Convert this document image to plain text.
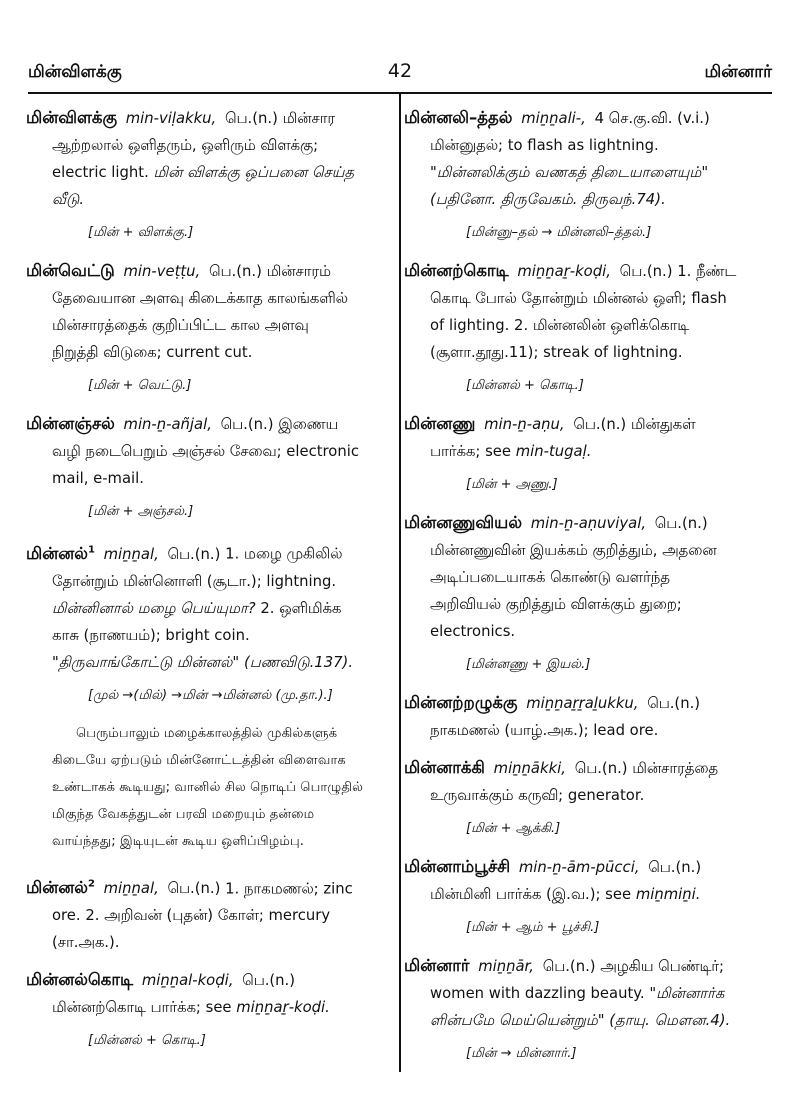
மின்விளக்கு	42	மின்னார்
மின்விளக்கு min-viḷakku, பெ.(n.) மின்சார
ஆற்றலால் ஒளிதரும், ஒளிரும் விளக்கு;
electric light. மின் விளக்கு ஒப்பனை செய்த
வீடு.
[மின் + விளக்கு.]
மின்வெட்டு min-veṭṭu, பெ.(n.) மின்சாரம்
தேவையான அளவு கிடைக்காத காலங்களில்
மின்சாரத்தைக் குறிப்பிட்ட கால அளவு
நிறுத்தி விடுகை; current cut.
[மின் + வெட்டு.]
மின்னஞ்சல் min-ṉ-añjal, பெ.(n.) இணைய
வழி நடைபெறும் அஞ்சல் சேவை; electronic
mail, e-mail.
[மின் + அஞ்சல்.]
மின்னல்$^1$ miṉṉal, பெ.(n.) 1. மழை முகிலில்
தோன்றும் மின்னொளி (சூடா.); lightning.
மின்னினால் மழை பெய்யுமா? 2. ஒளிமிக்க
காசு (நாணயம்); bright coin.
"திருவாங்கோட்டு மின்னல்" (பணவிடு.137).
[முல் →(மில்) →மின் →மின்னல் (மு.தா.).]
பெரும்பாலும் மழைக்காலத்தில் முகில்களுக்
கிடையே ஏற்படும் மின்னோட்டத்தின் விளைவாக
உண்டாகக் கூடியது; வானில் சில நொடிப் பொழுதில்
மிகுந்த வேகத்துடன் பரவி மறையும் தன்மை
வாய்ந்தது; இடியுடன் கூடிய ஒளிப்பிழம்பு.
மின்னல்$^2$ miṉṉal, பெ.(n.) 1. நாகமணல்; zinc
ore. 2. அறிவன் (புதன்) கோள்; mercury
(சா.அக.).
மின்னல்கொடி miṉṉal-koḍi, பெ.(n.)
மின்னற்கொடி பார்க்க; see miṉṉaṟ-koḍi.
[மின்னல் + கொடி.]
மின்னலி–த்தல் miṉṉali-, 4 செ.கு.வி. (v.i.)
மின்னுதல்; to flash as lightning.
"மின்னலிக்கும் வணகத் திடையாளையும்"
(பதினோ. திருவேகம். திருவந்.74).
[மின்னு–தல் → மின்னலி–த்தல்.]
மின்னற்கொடி miṉṉaṟ-koḍi, பெ.(n.) 1. நீண்ட
கொடி போல் தோன்றும் மின்னல் ஒளி; flash
of lighting. 2. மின்னலின் ஒளிக்கொடி
(சூளா.தூது.11); streak of lightning.
[மின்னல் + கொடி.]
மின்னணு min-ṉ-aṇu, பெ.(n.) மின்துகள்
பார்க்க; see min-tugaḷ.
[மின் + அணு.]
மின்னணுவியல் min-ṉ-aṇuviyal, பெ.(n.)
மின்னணுவின் இயக்கம் குறித்தும், அதனை
அடிப்படையாகக் கொண்டு வளர்ந்த
அறிவியல் குறித்தும் விளக்கும் துறை;
electronics.
[மின்னணு + இயல்.]
மின்னற்றழுக்கு miṉṉaṟṟaḻukku, பெ.(n.)
நாகமணல் (யாழ்.அக.); lead ore.
மின்னாக்கி miṉṉākki, பெ.(n.) மின்சாரத்தை
உருவாக்கும் கருவி; generator.
[மின் + ஆக்கி.]
மின்னாம்பூச்சி min-ṉ-ām-pūcci, பெ.(n.)
மின்மினி பார்க்க (இ.வ.); see miṉmiṉi.
[மின் + ஆம் + பூச்சி.]
மின்னார் miṉṉār, பெ.(n.) அழகிய பெண்டிர்;
women with dazzling beauty. "மின்னார்க
ளின்பமே மெய்யென்றும்" (தாயு. மௌன.4).
[மின் → மின்னார்.]
